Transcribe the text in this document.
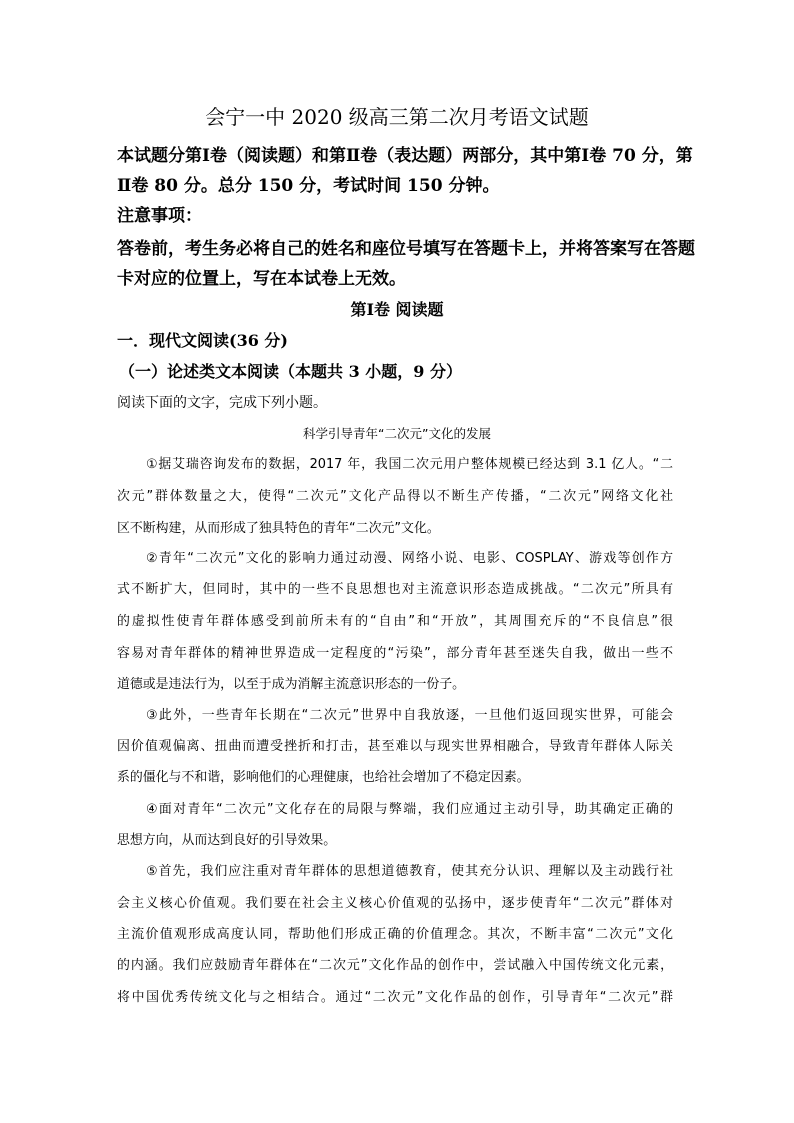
会宁一中 2020 级高三第二次月考语文试题
本试题分第Ⅰ卷（阅读题）和第Ⅱ卷（表达题）两部分，其中第Ⅰ卷 70 分，第
Ⅱ卷 80 分。总分 150 分，考试时间 150 分钟。
注意事项：
答卷前，考生务必将自己的姓名和座位号填写在答题卡上，并将答案写在答题
卡对应的位置上，写在本试卷上无效。
第Ⅰ卷 阅读题
一．现代文阅读(36 分)
（一）论述类文本阅读（本题共 3 小题，9 分）
阅读下面的文字，完成下列小题。
科学引导青年“二次元”文化的发展
①据艾瑞咨询发布的数据，2017 年，我国二次元用户整体规模已经达到 3.1 亿人。“二
次元”群体数量之大，使得“二次元”文化产品得以不断生产传播，“二次元”网络文化社
区不断构建，从而形成了独具特色的青年“二次元”文化。
②青年“二次元”文化的影响力通过动漫、网络小说、电影、COSPLAY、游戏等创作方
式不断扩大，但同时，其中的一些不良思想也对主流意识形态造成挑战。“二次元”所具有
的虚拟性使青年群体感受到前所未有的“自由”和“开放”，其周围充斥的“不良信息”很
容易对青年群体的精神世界造成一定程度的“污染”，部分青年甚至迷失自我，做出一些不
道德或是违法行为，以至于成为消解主流意识形态的一份子。
③此外，一些青年长期在“二次元”世界中自我放逐，一旦他们返回现实世界，可能会
因价值观偏离、扭曲而遭受挫折和打击，甚至难以与现实世界相融合，导致青年群体人际关
系的僵化与不和谐，影响他们的心理健康，也给社会增加了不稳定因素。
④面对青年“二次元”文化存在的局限与弊端，我们应通过主动引导，助其确定正确的
思想方向，从而达到良好的引导效果。
⑤首先，我们应注重对青年群体的思想道德教育，使其充分认识、理解以及主动践行社
会主义核心价值观。我们要在社会主义核心价值观的弘扬中，逐步使青年“二次元”群体对
主流价值观形成高度认同，帮助他们形成正确的价值理念。其次，不断丰富“二次元”文化
的内涵。我们应鼓励青年群体在“二次元”文化作品的创作中，尝试融入中国传统文化元素，
将中国优秀传统文化与之相结合。通过“二次元”文化作品的创作，引导青年“二次元”群
